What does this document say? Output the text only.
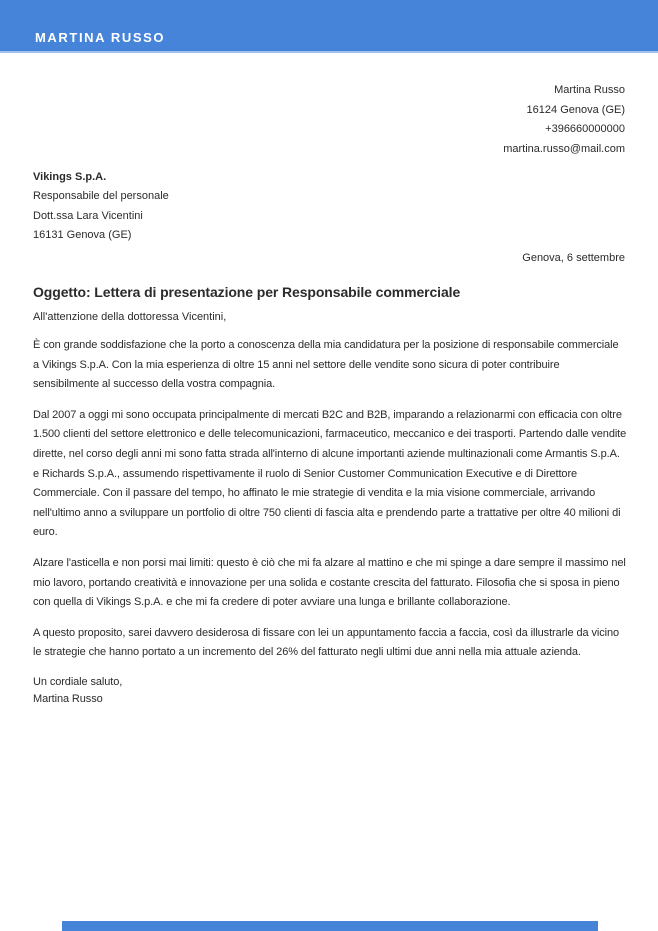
MARTINA RUSSO
Martina Russo
16124 Genova (GE)
+396660000000
martina.russo@mail.com
Vikings S.p.A.
Responsabile del personale
Dott.ssa Lara Vicentini
16131 Genova (GE)
Genova, 6 settembre
Oggetto: Lettera di presentazione per Responsabile commerciale
All'attenzione della dottoressa Vicentini,

È con grande soddisfazione che la porto a conoscenza della mia candidatura per la posizione di responsabile commerciale a Vikings S.p.A. Con la mia esperienza di oltre 15 anni nel settore delle vendite sono sicura di poter contribuire sensibilmente al successo della vostra compagnia.

Dal 2007 a oggi mi sono occupata principalmente di mercati B2C and B2B, imparando a relazionarmi con efficacia con oltre 1.500 clienti del settore elettronico e delle telecomunicazioni, farmaceutico, meccanico e dei trasporti. Partendo dalle vendite dirette, nel corso degli anni mi sono fatta strada all'interno di alcune importanti aziende multinazionali come Armantis S.p.A. e Richards S.p.A., assumendo rispettivamente il ruolo di Senior Customer Communication Executive e di Direttore Commerciale. Con il passare del tempo, ho affinato le mie strategie di vendita e la mia visione commerciale, arrivando nell'ultimo anno a sviluppare un portfolio di oltre 750 clienti di fascia alta e prendendo parte a trattative per oltre 40 milioni di euro.

Alzare l'asticella e non porsi mai limiti: questo è ciò che mi fa alzare al mattino e che mi spinge a dare sempre il massimo nel mio lavoro, portando creatività e innovazione per una solida e costante crescita del fatturato. Filosofia che si sposa in pieno con quella di Vikings S.p.A. e che mi fa credere di poter avviare una lunga e brillante collaborazione.

A questo proposito, sarei davvero desiderosa di fissare con lei un appuntamento faccia a faccia, così da illustrarle da vicino le strategie che hanno portato a un incremento del 26% del fatturato negli ultimi due anni nella mia attuale azienda.

Un cordiale saluto,
Martina Russo
